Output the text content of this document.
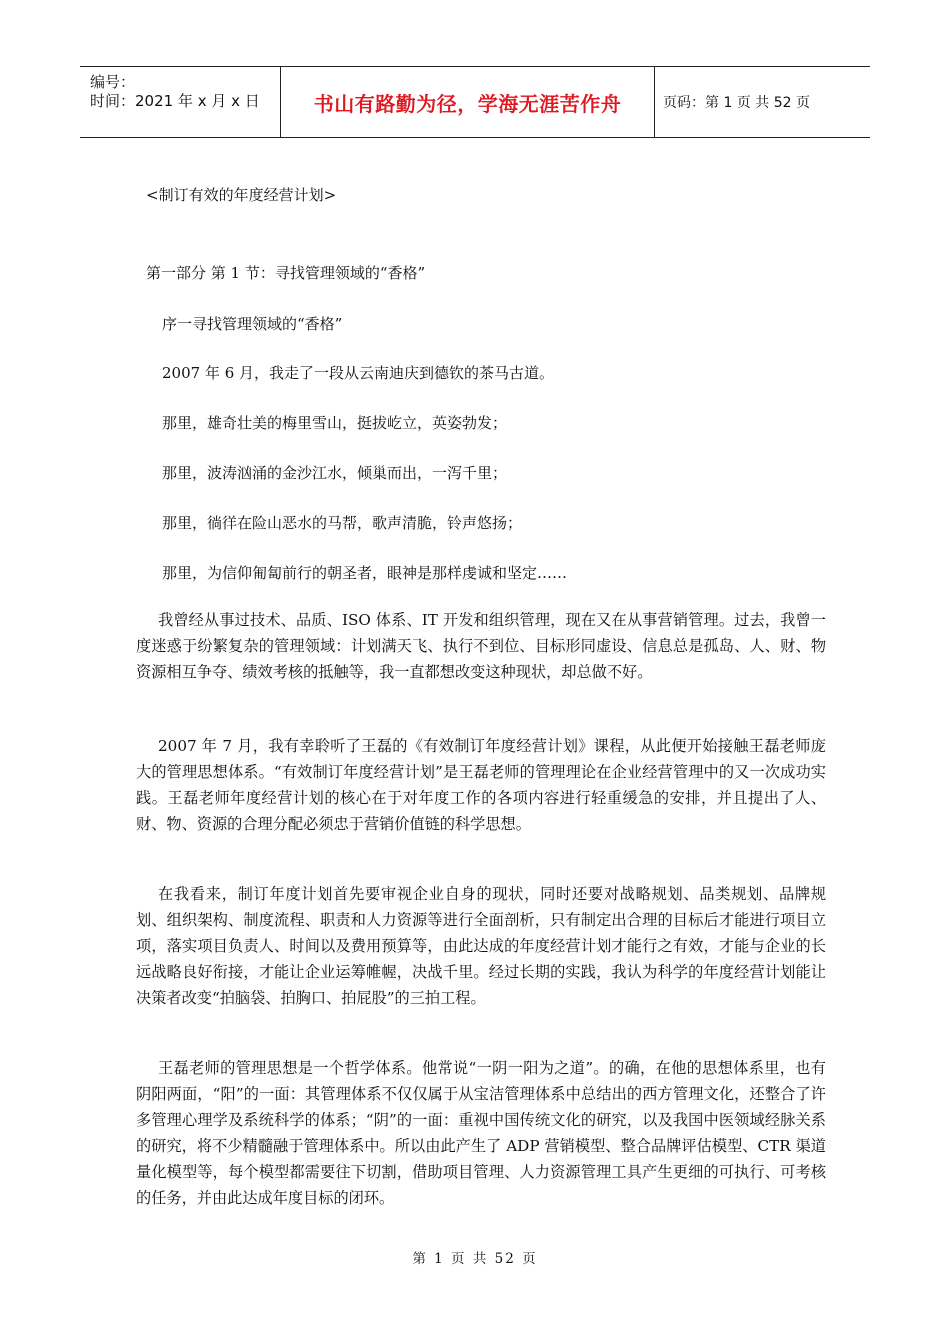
编号：
时间：2021 年 x 月 x 日	书山有路勤为径，学海无涯苦作舟	页码：第 1 页 共 52 页
<制订有效的年度经营计划>
第一部分 第 1 节：寻找管理领域的“香格”
序一寻找管理领域的“香格”
2007 年 6 月，我走了一段从云南迪庆到德钦的茶马古道。
那里，雄奇壮美的梅里雪山，挺拔屹立，英姿勃发；
那里，波涛汹涌的金沙江水，倾巢而出，一泻千里；
那里，徜徉在险山恶水的马帮，歌声清脆，铃声悠扬；
那里，为信仰匍匐前行的朝圣者，眼神是那样虔诚和坚定……
我曾经从事过技术、品质、ISO 体系、IT 开发和组织管理，现在又在从事营销管理。过去，我曾一度迷惑于纷繁复杂的管理领域：计划满天飞、执行不到位、目标形同虚设、信息总是孤岛、人、财、物资源相互争夺、绩效考核的抵触等，我一直都想改变这种现状，却总做不好。
2007 年 7 月，我有幸聆听了王磊的《有效制订年度经营计划》课程，从此便开始接触王磊老师庞大的管理思想体系。“有效制订年度经营计划”是王磊老师的管理理论在企业经营管理中的又一次成功实践。王磊老师年度经营计划的核心在于对年度工作的各项内容进行轻重缓急的安排，并且提出了人、财、物、资源的合理分配必须忠于营销价值链的科学思想。
在我看来，制订年度计划首先要审视企业自身的现状，同时还要对战略规划、品类规划、品牌规划、组织架构、制度流程、职责和人力资源等进行全面剖析，只有制定出合理的目标后才能进行项目立项，落实项目负责人、时间以及费用预算等，由此达成的年度经营计划才能行之有效，才能与企业的长远战略良好衔接，才能让企业运筹帷幄，决战千里。经过长期的实践，我认为科学的年度经营计划能让决策者改变“拍脑袋、拍胸口、拍屁股”的三拍工程。
王磊老师的管理思想是一个哲学体系。他常说“一阴一阳为之道”。的确，在他的思想体系里，也有阴阳两面，“阳”的一面：其管理体系不仅仅属于从宝洁管理体系中总结出的西方管理文化，还整合了许多管理心理学及系统科学的体系；“阴”的一面：重视中国传统文化的研究，以及我国中医领域经脉关系的研究，将不少精髓融于管理体系中。所以由此产生了 ADP 营销模型、整合品牌评估模型、CTR 渠道量化模型等，每个模型都需要往下切割，借助项目管理、人力资源管理工具产生更细的可执行、可考核的任务，并由此达成年度目标的闭环。
第 1 页 共 52 页
